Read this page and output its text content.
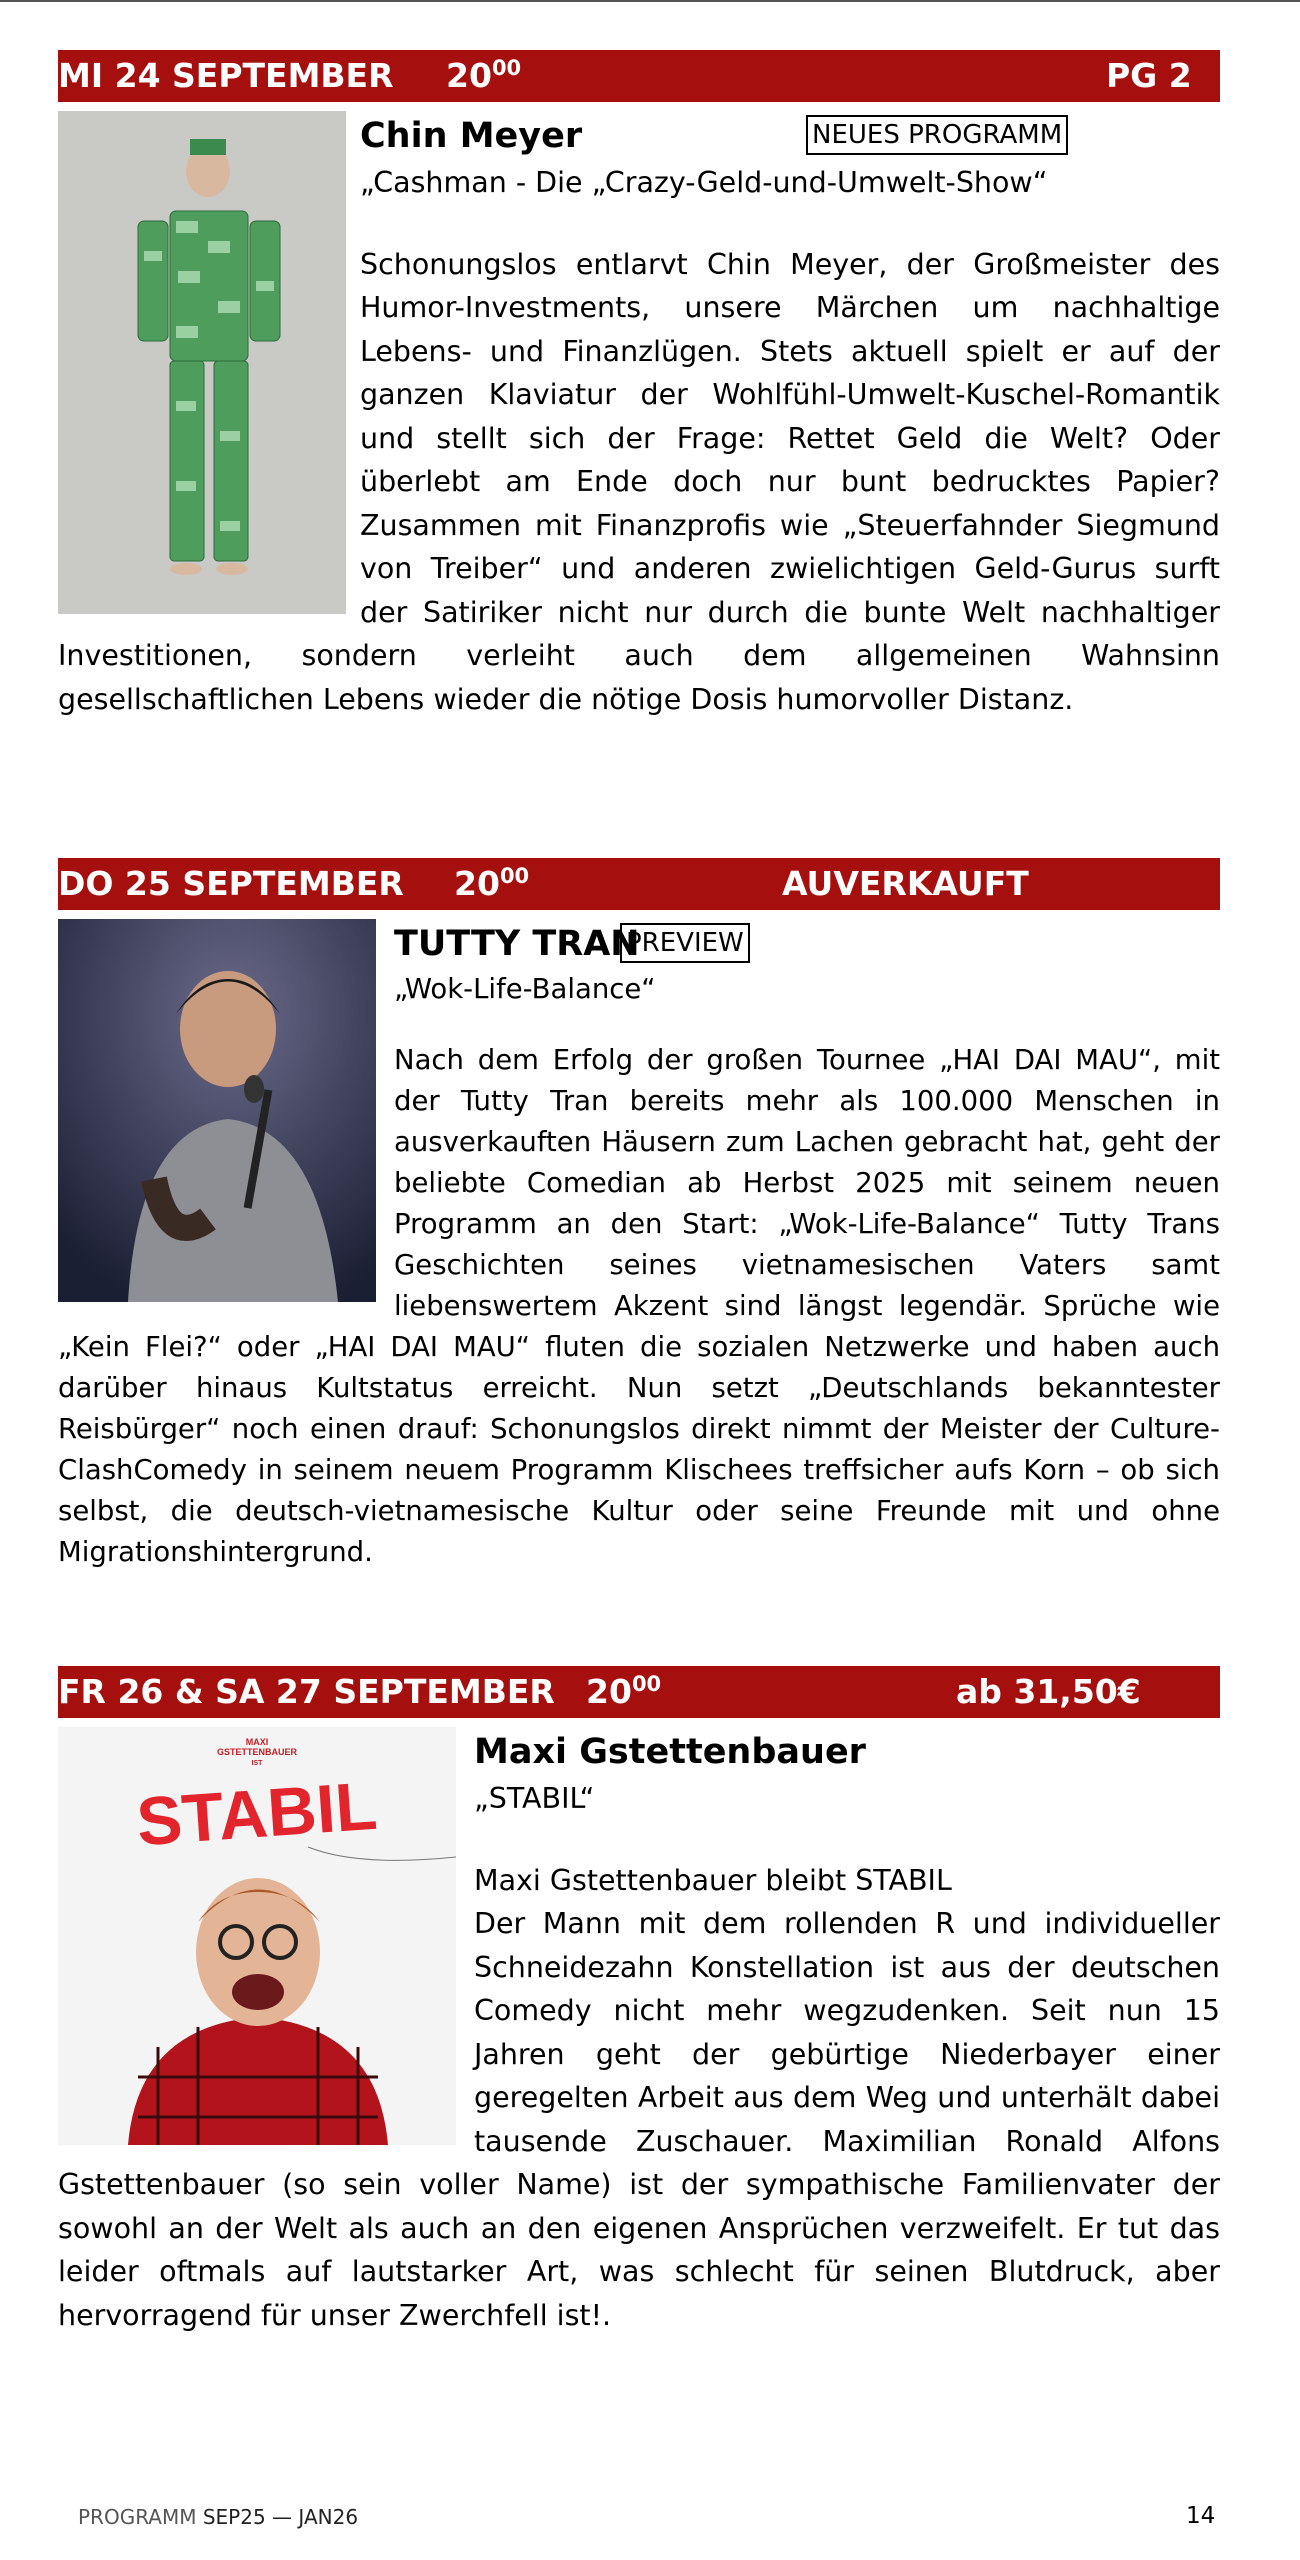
MI 24 SEPTEMBER $20^{00}$	PG 2
Chin Meyer	NEUES PROGRAMM
„Cashman - Die „Crazy-Geld-und-Umwelt-Show“
Schonungslos entlarvt Chin Meyer, der Großmeister des Humor-Investments, unsere Märchen um nachhaltige Lebens- und Finanzlügen. Stets aktuell spielt er auf der ganzen Klaviatur der Wohlfühl-Umwelt-Kuschel-Romantik und stellt sich der Frage: Rettet Geld die Welt? Oder überlebt am Ende doch nur bunt bedrucktes Papier? Zusammen mit Finanzprofis wie „Steuerfahnder Siegmund von Treiber“ und anderen zwielichtigen Geld-Gurus surft der Satiriker nicht nur durch die bunte Welt nachhaltiger Investitionen, sondern verleiht auch dem allgemeinen Wahnsinn gesellschaftlichen Lebens wieder die nötige Dosis humorvoller Distanz.
DO 25 SEPTEMBER $20^{00}$	AUVERKAUFT
TUTTY TRAN
PREVIEW
„Wok-Life-Balance“
Nach dem Erfolg der großen Tournee „HAI DAI MAU“, mit der Tutty Tran bereits mehr als 100.000 Menschen in ausverkauften Häusern zum Lachen gebracht hat, geht der beliebte Comedian ab Herbst 2025 mit seinem neuen Programm an den Start: „Wok-Life-Balance“ Tutty Trans Geschichten seines vietnamesischen Vaters samt liebenswertem Akzent sind längst legendär. Sprüche wie „Kein Flei?“ oder „HAI DAI MAU“ fluten die sozialen Netzwerke und haben auch darüber hinaus Kultstatus erreicht. Nun setzt „Deutschlands bekanntester Reisbürger“ noch einen drauf: Schonungslos direkt nimmt der Meister der Culture-ClashComedy in seinem neuem Programm Klischees treffsicher aufs Korn – ob sich selbst, die deutsch-vietnamesische Kultur oder seine Freunde mit und ohne Migrationshintergrund.
FR 26 & SA 27 SEPTEMBER $20^{00}$	ab 31,50€
MAXI
GSTETTENBAUER
IST
STABIL
Maxi Gstettenbauer
„STABIL“
Maxi Gstettenbauer bleibt STABIL
Der Mann mit dem rollenden R und individueller Schneidezahn Konstellation ist aus der deutschen Comedy nicht mehr wegzudenken. Seit nun 15 Jahren geht der gebürtige Niederbayer einer geregelten Arbeit aus dem Weg und unterhält dabei tausende Zuschauer. Maximilian Ronald Alfons Gstettenbauer (so sein voller Name) ist der sympathische Familienvater der sowohl an der Welt als auch an den eigenen Ansprüchen verzweifelt. Er tut das leider oftmals auf lautstarker Art, was schlecht für seinen Blutdruck, aber hervorragend für unser Zwerchfell ist!.
PROGRAMM SEP25 — JAN26	14
